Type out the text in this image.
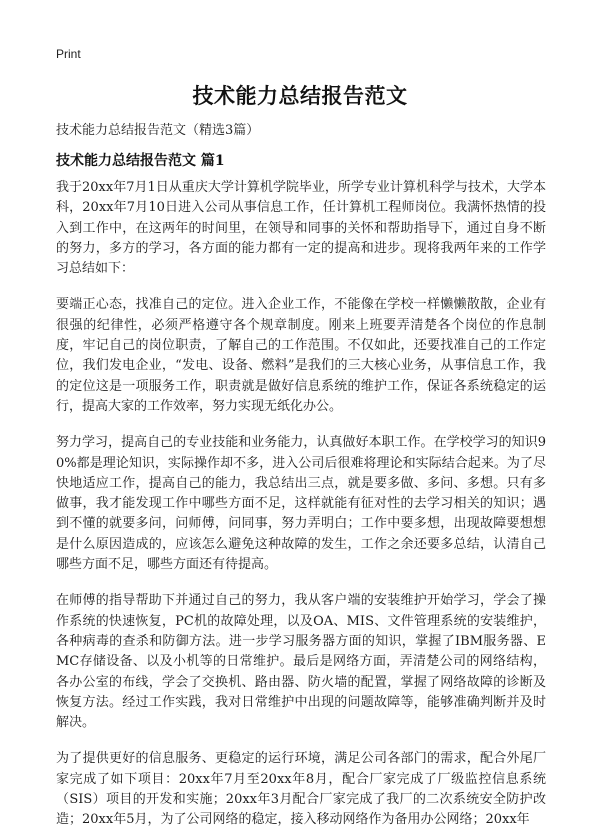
Print
技术能力总结报告范文
技术能力总结报告范文（精选3篇）
技术能力总结报告范文 篇1

我于20xx年7月1日从重庆大学计算机学院毕业，所学专业计算机科学与技术，大学本科，20xx年7月10日进入公司从事信息工作，任计算机工程师岗位。我满怀热情的投入到工作中，在这两年的时间里，在领导和同事的关怀和帮助指导下，通过自身不断的努力，多方的学习，各方面的能力都有一定的提高和进步。现将我两年来的工作学习总结如下：

要端正心态，找准自己的定位。进入企业工作，不能像在学校一样懒懒散散，企业有很强的纪律性，必须严格遵守各个规章制度。刚来上班要弄清楚各个岗位的作息制度，牢记自己的岗位职责，了解自己的工作范围。不仅如此，还要找准自己的工作定位，我们发电企业，“发电、设备、燃料”是我们的三大核心业务，从事信息工作，我的定位这是一项服务工作，职责就是做好信息系统的维护工作，保证各系统稳定的运行，提高大家的工作效率，努力实现无纸化办公。

努力学习，提高自己的专业技能和业务能力，认真做好本职工作。在学校学习的知识90%都是理论知识，实际操作却不多，进入公司后很难将理论和实际结合起来。为了尽快地适应工作，提高自己的能力，我总结出三点，就是要多做、多问、多想。只有多做事，我才能发现工作中哪些方面不足，这样就能有征对性的去学习相关的知识；遇到不懂的就要多问，问师傅，问同事，努力弄明白；工作中要多想，出现故障要想想是什么原因造成的，应该怎么避免这种故障的发生，工作之余还要多总结，认清自己哪些方面不足，哪些方面还有待提高。

在师傅的指导帮助下并通过自己的努力，我从客户端的安装维护开始学习，学会了操作系统的快速恢复，PC机的故障处理，以及OA、MIS、文件管理系统的安装维护，各种病毒的查杀和防御方法。进一步学习服务器方面的知识，掌握了IBM服务器、EMC存储设备、以及小机等的日常维护。最后是网络方面，弄清楚公司的网络结构，各办公室的布线，学会了交换机、路由器、防火墙的配置，掌握了网络故障的诊断及恢复方法。经过工作实践，我对日常维护中出现的问题故障等，能够准确判断并及时解决。

为了提供更好的信息服务、更稳定的运行环境，满足公司各部门的需求，配合外尾厂家完成了如下项目：20xx年7月至20xx年8月，配合厂家完成了厂级监控信息系统（SIS）项目的开发和实施；20xx年3月配合厂家完成了我厂的二次系统安全防护改造；20xx年5月，为了公司网络的稳定，接入移动网络作为备用办公网络；20xx年
